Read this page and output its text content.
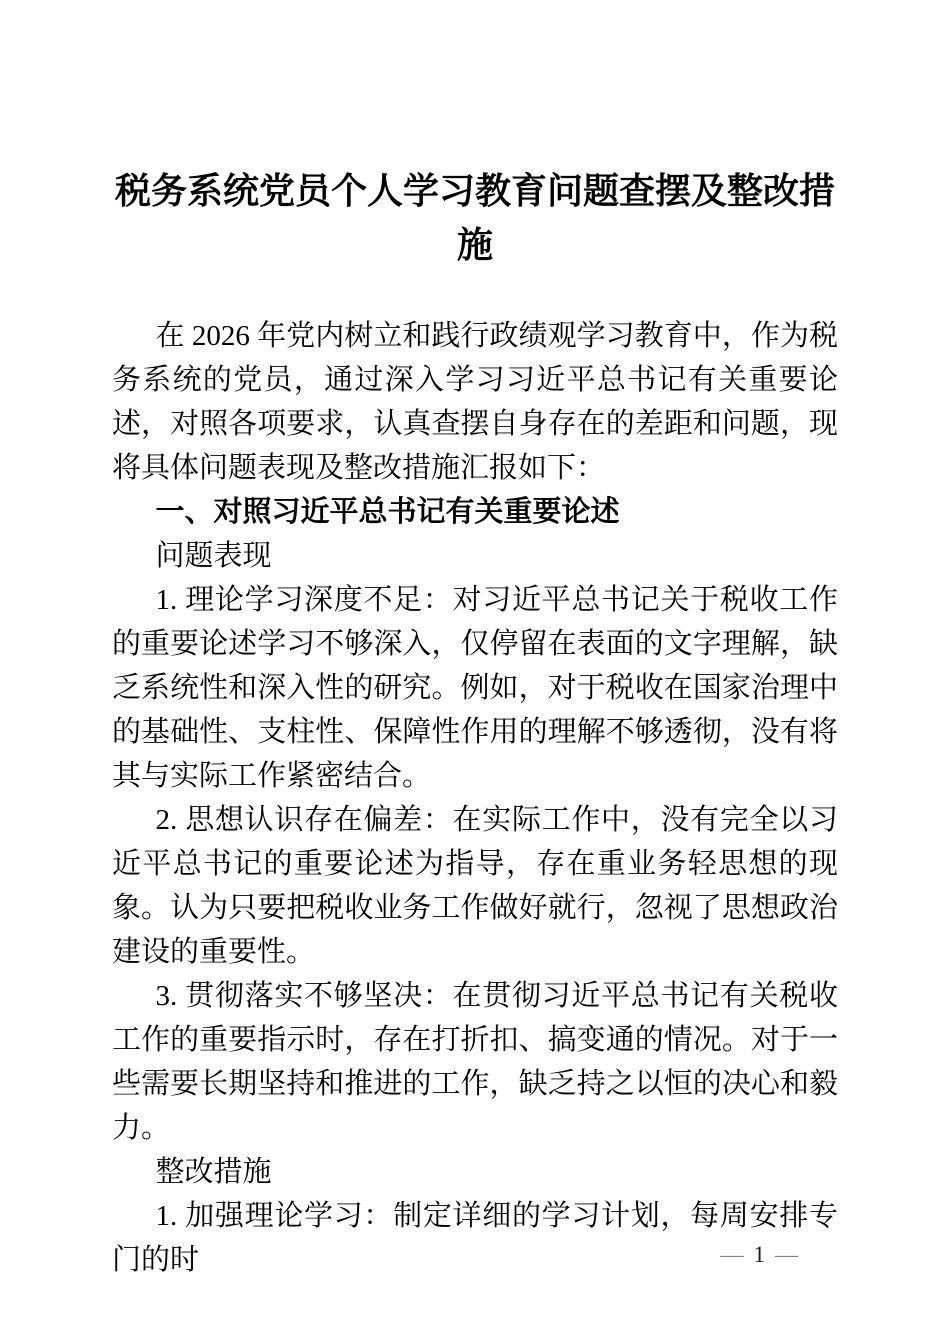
税务系统党员个人学习教育问题查摆及整改措施

在 2026 年党内树立和践行政绩观学习教育中，作为税务系统的党员，通过深入学习习近平总书记有关重要论述，对照各项要求，认真查摆自身存在的差距和问题，现将具体问题表现及整改措施汇报如下：

一、对照习近平总书记有关重要论述

问题表现

1. 理论学习深度不足：对习近平总书记关于税收工作的重要论述学习不够深入，仅停留在表面的文字理解，缺乏系统性和深入性的研究。例如，对于税收在国家治理中的基础性、支柱性、保障性作用的理解不够透彻，没有将其与实际工作紧密结合。

2. 思想认识存在偏差：在实际工作中，没有完全以习近平总书记的重要论述为指导，存在重业务轻思想的现象。认为只要把税收业务工作做好就行，忽视了思想政治建设的重要性。

3. 贯彻落实不够坚决：在贯彻习近平总书记有关税收工作的重要指示时，存在打折扣、搞变通的情况。对于一些需要长期坚持和推进的工作，缺乏持之以恒的决心和毅力。

整改措施

1. 加强理论学习：制定详细的学习计划，每周安排专门的时	— 1 —
